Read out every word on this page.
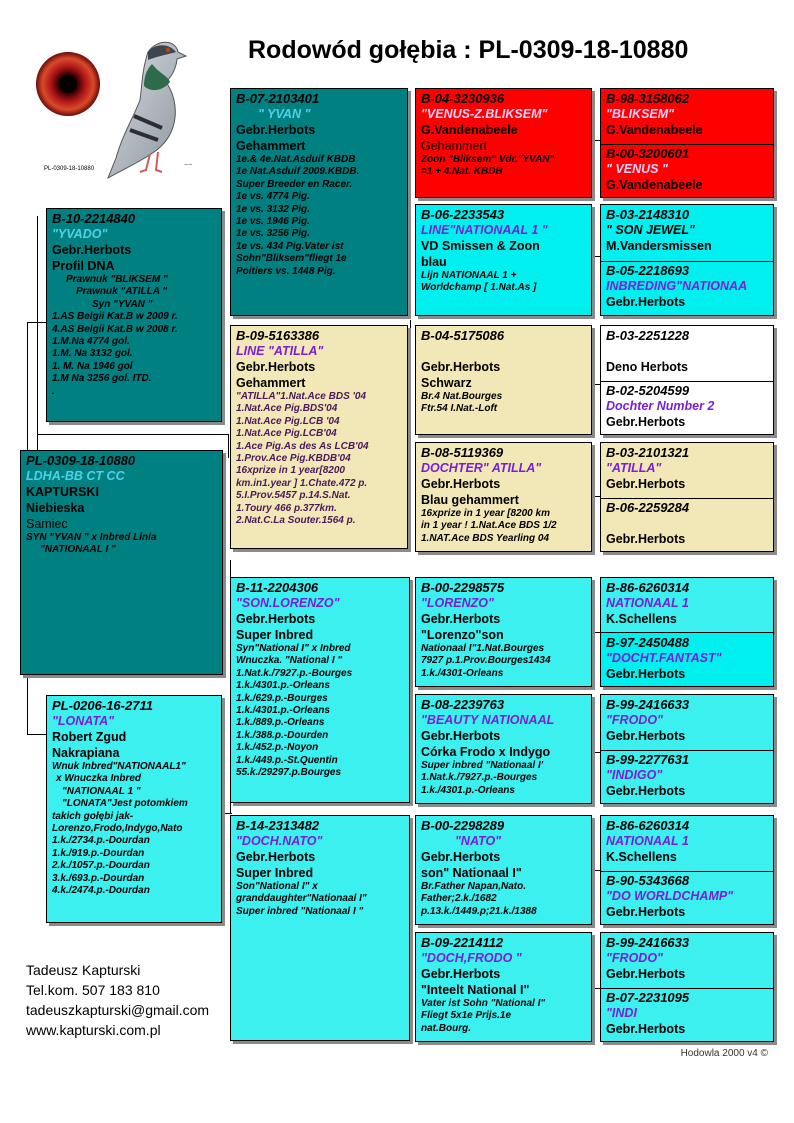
Rodowód gołębia : PL-0309-18-10880
PL-0309-18-10880	~~
PL-0309-18-10880
LDHA-BB CT CC
KAPTURSKI
Niebieska
Samiec
SYN "YVAN " x Inbred Linia
"NATIONAAL I "
B-10-2214840
"YVADO"
Gebr.Herbots
Profil DNA
Prawnuk "BLIKSEM "
Prawnuk "ATILLA "
Syn "YVAN "
1.AS Belgii Kat.B w 2009 r.
4.AS Belgii Kat.B w 2008 r.
1.M.Na 4774 gol.
1.M. Na 3132 gol.
1. M. Na 1946 gol
1.M Na 3256 gol. ITD.
.
PL-0206-16-2711
"LONATA"
Robert Zgud
Nakrapiana
Wnuk Inbred"NATIONAAL1"
x Wnuczka Inbred
"NATIONAAL 1 "
"LONATA"Jest potomkiem
takich gołębi jak-
Lorenzo,Frodo,Indygo,Nato
1.k./2734.p.-Dourdan
1.k./919.p.-Dourdan
2.k./1057.p.-Dourdan
3.k./693.p.-Dourdan
4.k./2474.p.-Dourdan
B-07-2103401
" YVAN "
Gebr.Herbots
Gehammert
1e.& 4e.Nat.Asduif KBDB
1e Nat.Asduif 2009.KBDB.
Super Breeder en Racer.
1e vs. 4774 Pig.
1e vs. 3132 Pig.
1e vs. 1946 Pig.
1e vs. 3256 Pig.
1e vs. 434 Pig.Vater ist
Sohn"Bliksem"fliegt 1e
Poitiers vs. 1448 Pig.
B-09-5163386
LINE "ATILLA"
Gebr.Herbots
Gehammert
"ATILLA"1.Nat.Ace BDS '04
1.Nat.Ace Pig.BDS'04
1.Nat.Ace Pig.LCB '04
1.Nat.Ace Pig.LCB'04
1.Ace Pig.As des As LCB'04
1.Prov.Ace Pig.KBDB'04
16xprize in 1 year[8200
km.in1.year ] 1.Chate.472 p.
5.I.Prov.5457 p.14.S.Nat.
1.Toury 466 p.377km.
2.Nat.C.La Souter.1564 p.
B-11-2204306
"SON.LORENZO"
Gebr.Herbots
Super Inbred
Syn"National I" x Inbred
Wnuczka. "National I "
1.Nat.k./7927.p.-Bourges
1.k./4301.p.-Orleans
1.k./629.p.-Bourges
1.k./4301.p.-Orleans
1.k./889.p.-Orleans
1.k./388.p.-Dourden
1.k./452.p.-Noyon
1.k./449.p.-St.Quentin
55.k./29297.p.Bourges
B-14-2313482
"DOCH.NATO"
Gebr.Herbots
Super Inbred
Son"National I" x
granddaughter"Nationaal I"
Super inbred "Nationaal I "
B-04-3230936
"VENUS-Z.BLIKSEM"
G.Vandenabeele
Gehammert
Zoon "Bliksem" Vdr."YVAN"
=1.+ 4.Nat. KBDB
B-06-2233543
LINE"NATIONAAL 1 "
VD Smissen & Zoon
blau
Lijn NATIONAAL 1 +
Worldchamp [ 1.Nat.As ]
B-04-5175086
Gebr.Herbots
Schwarz
Br.4 Nat.Bourges
Ftr.54 I.Nat.-Loft
B-08-5119369
DOCHTER" ATILLA"
Gebr.Herbots
Blau gehammert
16xprize in 1 year [8200 km
in 1 year ! 1.Nat.Ace BDS 1/2
1.NAT.Ace BDS Yearling 04
B-00-2298575
"LORENZO"
Gebr.Herbots
"Lorenzo"son
Nationaal I"1.Nat.Bourges
7927 p.1.Prov.Bourges1434
1.k./4301-Orleans
B-08-2239763
"BEAUTY NATIONAAL
Gebr.Herbots
Córka Frodo x Indygo
Super inbred "Nationaal I'
1.Nat.k./7927.p.-Bourges
1.k./4301.p.-Orleans
B-00-2298289
"NATO"
Gebr.Herbots
son" Nationaal I"
Br.Father Napan,Nato.
Father;2.k./1682
p.13.k./1449.p;21.k./1388
B-09-2214112
"DOCH,FRODO "
Gebr.Herbots
"Inteelt National I"
Vater ist Sohn "National I"
Fliegt 5x1e Prijs.1e
nat.Bourg.
B-98-3158062
"BLIKSEM"
G.Vandenabeele
B-00-3200601
" VENUS "
G.Vandenabeele
B-03-2148310
" SON JEWEL"
M.Vandersmissen
B-05-2218693
INBREDING"NATIONAA
Gebr.Herbots
B-03-2251228
Deno Herbots
B-02-5204599
Dochter Number 2
Gebr.Herbots
B-03-2101321
"ATILLA"
Gebr.Herbots
B-06-2259284
Gebr.Herbots
B-86-6260314
NATIONAAL 1
K.Schellens
B-97-2450488
"DOCHT.FANTAST"
Gebr.Herbots
B-99-2416633
"FRODO"
Gebr.Herbots
B-99-2277631
"INDIGO"
Gebr.Herbots
B-86-6260314
NATIONAAL 1
K.Schellens
B-90-5343668
"DO WORLDCHAMP"
Gebr.Herbots
B-99-2416633
"FRODO"
Gebr.Herbots
B-07-2231095
"INDI
Gebr.Herbots
Tadeusz Kapturski
Tel.kom. 507 183 810
tadeuszkapturski@gmail.com
www.kapturski.com.pl
Hodowla 2000 v4 ©
